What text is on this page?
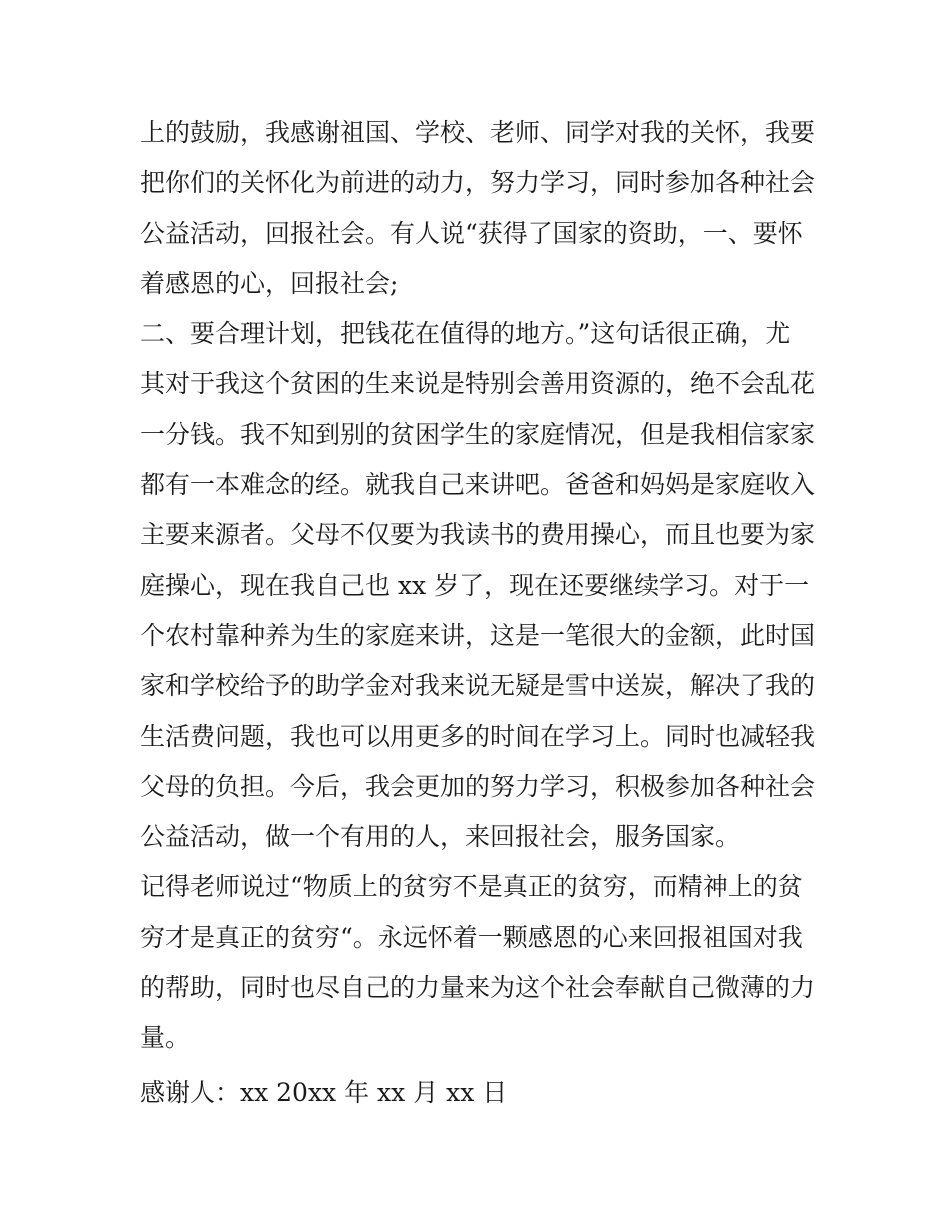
上的鼓励，我感谢祖国、学校、老师、同学对我的关怀，我要
把你们的关怀化为前进的动力，努力学习，同时参加各种社会
公益活动，回报社会。有人说“获得了国家的资助，一、要怀
着感恩的心，回报社会;
二、要合理计划，把钱花在值得的地方。”这句话很正确，尤
其对于我这个贫困的生来说是特别会善用资源的，绝不会乱花
一分钱。我不知到别的贫困学生的家庭情况，但是我相信家家
都有一本难念的经。就我自己来讲吧。爸爸和妈妈是家庭收入
主要来源者。父母不仅要为我读书的费用操心，而且也要为家
庭操心，现在我自己也 xx 岁了，现在还要继续学习。对于一
个农村靠种养为生的家庭来讲，这是一笔很大的金额，此时国
家和学校给予的助学金对我来说无疑是雪中送炭，解决了我的
生活费问题，我也可以用更多的时间在学习上。同时也减轻我
父母的负担。今后，我会更加的努力学习，积极参加各种社会
公益活动，做一个有用的人，来回报社会，服务国家。
记得老师说过“物质上的贫穷不是真正的贫穷，而精神上的贫
穷才是真正的贫穷“。永远怀着一颗感恩的心来回报祖国对我
的帮助，同时也尽自己的力量来为这个社会奉献自己微薄的力
量。
感谢人：xx 20xx 年 xx 月 xx 日
